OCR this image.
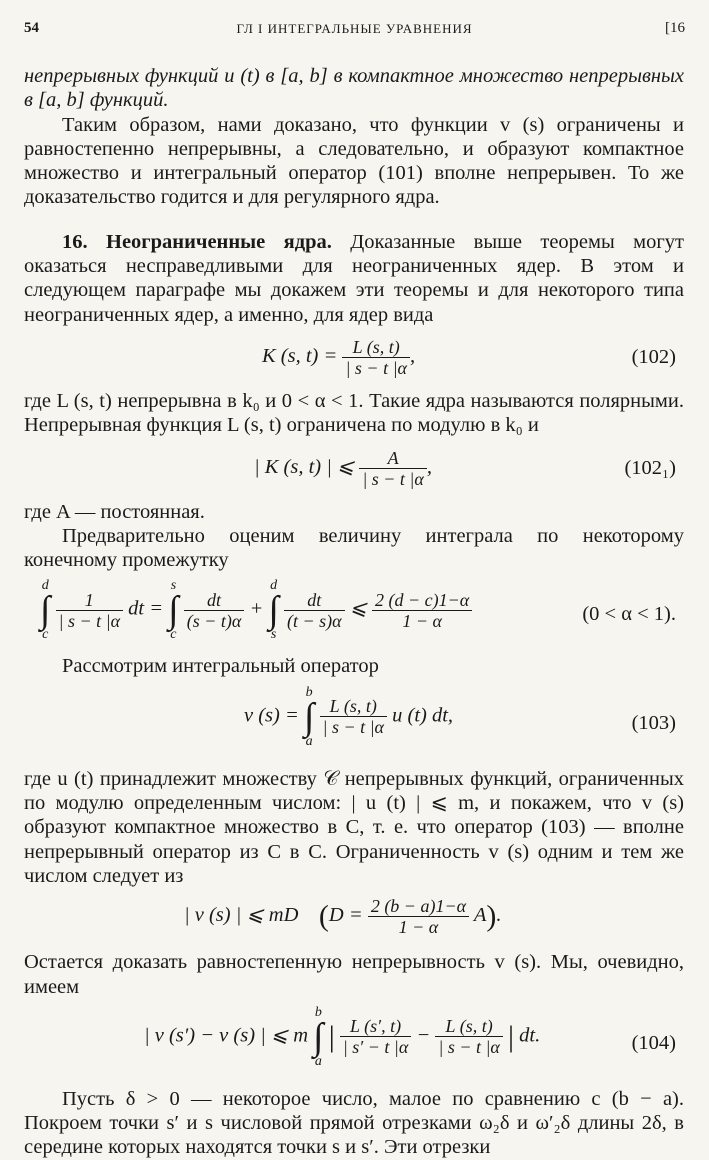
54	ГЛ I ИНТЕГРАЛЬНЫЕ УРАВНЕНИЯ	[16

непрерывных функций u (t) в [a, b] в компактное множество непрерывных в [a, b] функций.

Таким образом, нами доказано, что функции v (s) ограничены и равностепенно непрерывны, а следовательно, и образуют компактное множество и интегральный оператор (101) вполне непрерывен. То же доказательство годится и для регулярного ядра.

16. Неограниченные ядра. Доказанные выше теоремы могут оказаться несправедливыми для неограниченных ядер. В этом и следующем параграфе мы докажем эти теоремы и для некоторого типа неограниченных ядер, а именно, для ядер вида

K (s, $t) = \frac{L (s, t)}{| s - t |\alpha}$ ,	(102)

где L (s, t) непрерывна в k₀ и 0 < α < 1. Такие ядра называются полярными. Непрерывная функция L (s, t) ограничена по модулю в k₀ и

| K (s, t) | ⩽ $\frac{A}{| s - t |\alpha}$ ,	(102₁)

где A — постоянная.

Предварительно оценим величину интеграла по некоторому конечному промежутку

d
∫
c

$\frac{1}{| s - t |\alpha}$ dt =
s
∫
c

$\frac{dt}{(s - t)\alpha}$ +
d
∫
s

$\frac{dt}{(t - s)\alpha}$ ⩽ $\frac{2 (d - c)1-\alpha}{1 - \alpha}$	(0 < α < 1).

Рассмотрим интегральный оператор

v (s) =
b
∫
a

$\frac{L (s, t)}{| s - t |\alpha}$ u (t) dt,	(103)

где u (t) принадлежит множеству 𝒞 непрерывных функций, ограниченных по модулю определенным числом: | u (t) | ⩽ m, и покажем, что v (s) образуют компактное множество в C, т. е. что оператор (103) — вполне непрерывный оператор из C в C. Ограниченность v (s) одним и тем же числом следует из

| v (s) | ⩽ mD $(D = \frac{2 (b - a)1-\alpha}{1 - \alpha} A)$.

Остается доказать равностепенную непрерывность v (s). Мы, очевидно, имеем

| v (s′) − v (s) | ⩽ m
b
∫
a
| $\frac{L (s', t)}{| s' - t |\alpha} - \frac{L (s, t)}{| s - t |\alpha}$ | dt.	(104)

Пусть δ > 0 — некоторое число, малое по сравнению с (b − a). Покроем точки s′ и s числовой прямой отрезками ω₂δ и ω′₂δ длины 2δ, в середине которых находятся точки s и s′. Эти отрезки
